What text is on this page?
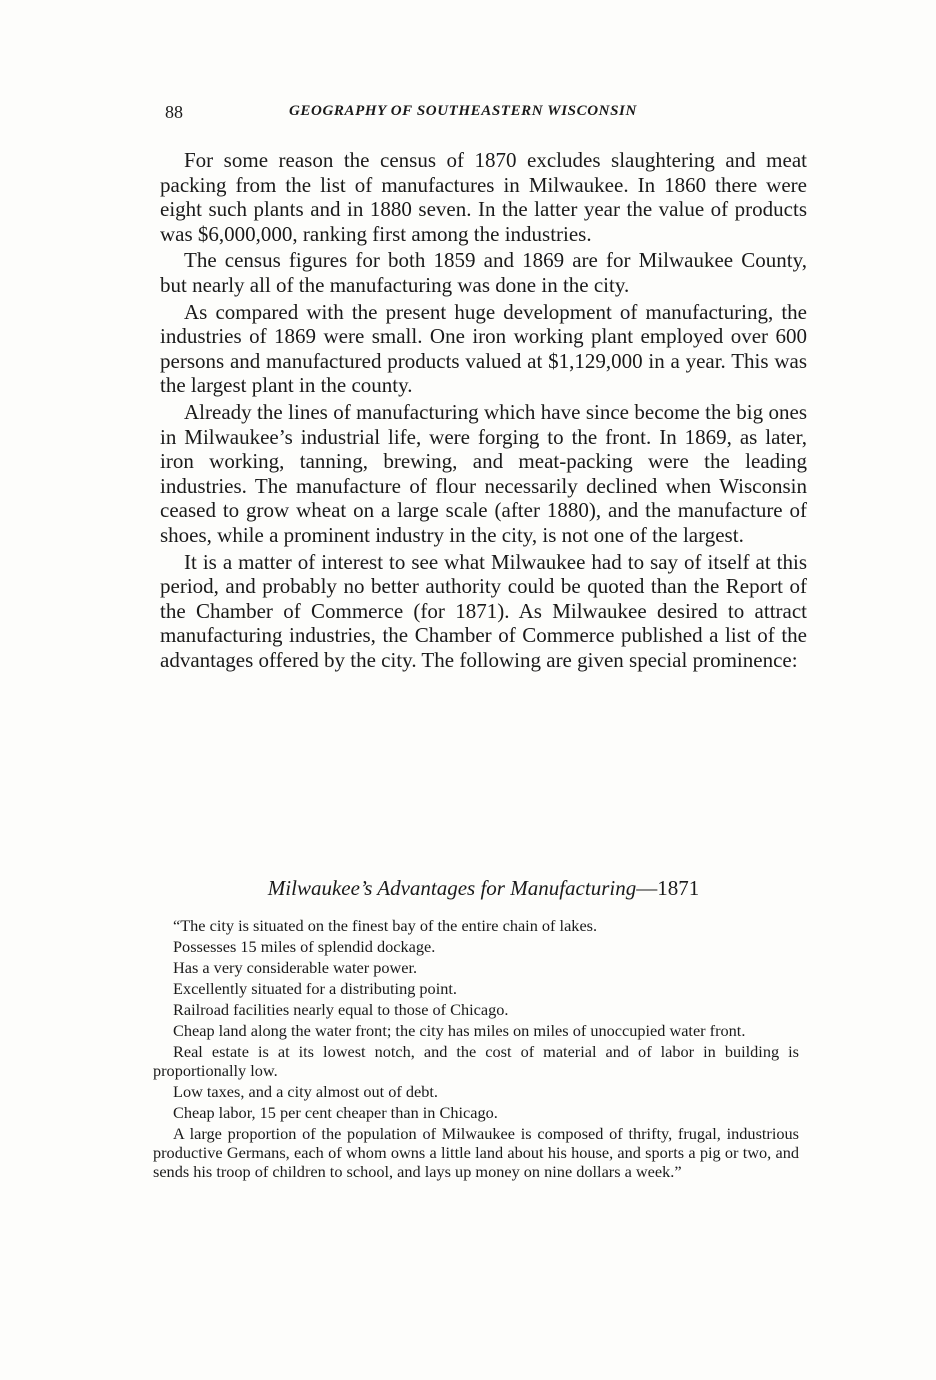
88	GEOGRAPHY OF SOUTHEASTERN WISCONSIN

For some reason the census of 1870 excludes slaughtering and meat packing from the list of manufactures in Milwaukee. In 1860 there were eight such plants and in 1880 seven. In the latter year the value of products was $6,000,000, ranking first among the industries.

The census figures for both 1859 and 1869 are for Milwaukee County, but nearly all of the manufacturing was done in the city.

As compared with the present huge development of manufacturing, the industries of 1869 were small. One iron working plant employed over 600 persons and manufactured products valued at $1,129,000 in a year. This was the largest plant in the county.

Already the lines of manufacturing which have since become the big ones in Milwaukee’s industrial life, were forging to the front. In 1869, as later, iron working, tanning, brewing, and meat-packing were the leading industries. The manufacture of flour necessarily declined when Wisconsin ceased to grow wheat on a large scale (after 1880), and the manufacture of shoes, while a prominent industry in the city, is not one of the largest.

It is a matter of interest to see what Milwaukee had to say of itself at this period, and probably no better authority could be quoted than the Report of the Chamber of Commerce (for 1871). As Milwaukee desired to attract manufacturing industries, the Chamber of Commerce published a list of the advantages offered by the city. The following are given special prominence:

Milwaukee’s Advantages for Manufacturing—1871

“The city is situated on the finest bay of the entire chain of lakes.

Possesses 15 miles of splendid dockage.

Has a very considerable water power.

Excellently situated for a distributing point.

Railroad facilities nearly equal to those of Chicago.

Cheap land along the water front; the city has miles on miles of unoccupied water front.

Real estate is at its lowest notch, and the cost of material and of labor in building is proportionally low.

Low taxes, and a city almost out of debt.

Cheap labor, 15 per cent cheaper than in Chicago.

A large proportion of the population of Milwaukee is composed of thrifty, frugal, industrious productive Germans, each of whom owns a little land about his house, and sports a pig or two, and sends his troop of children to school, and lays up money on nine dollars a week.”
